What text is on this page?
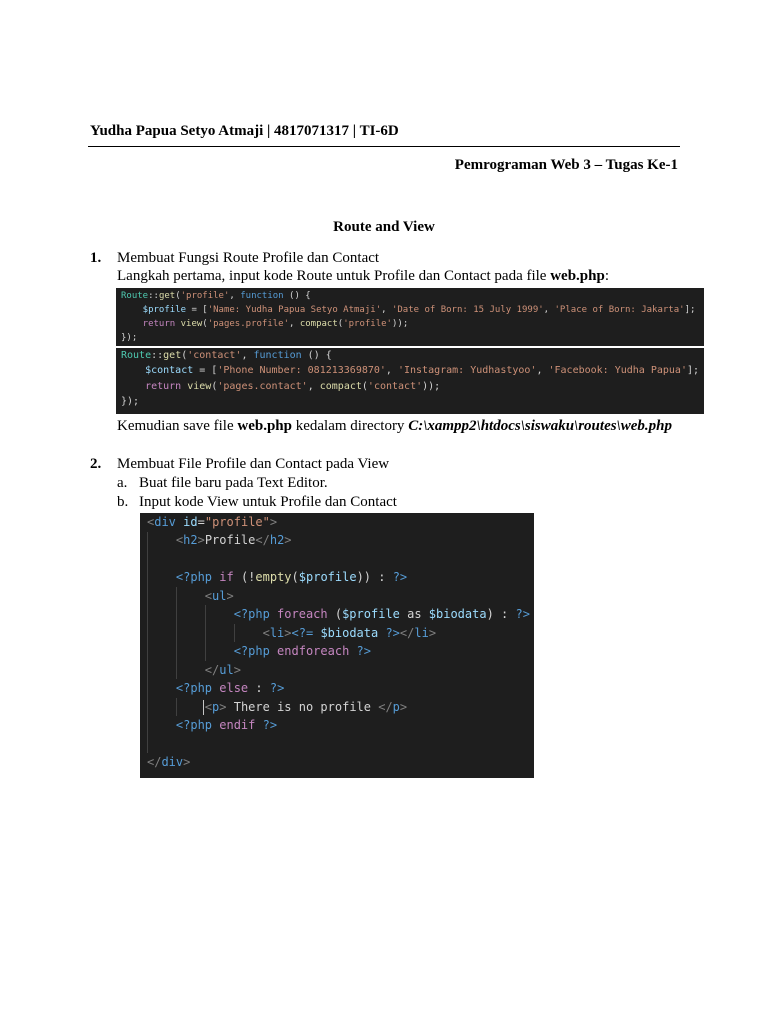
Yudha Papua Setyo Atmaji | 4817071317 | TI-6D
Pemrograman Web 3 – Tugas Ke-1
Route and View
1. Membuat Fungsi Route Profile dan Contact
Langkah pertama, input kode Route untuk Profile dan Contact pada file web.php:
Route::get('profile', function () {
$profile = ['Name: Yudha Papua Setyo Atmaji', 'Date of Born: 15 July 1999', 'Place of Born: Jakarta'];
return view('pages.profile', compact('profile'));
});
Route::get('contact', function () {
$contact = ['Phone Number: 081213369870', 'Instagram: Yudhastyoo', 'Facebook: Yudha Papua'];
return view('pages.contact', compact('contact'));
});
Kemudian save file web.php kedalam directory C:\xampp2\htdocs\siswaku\routes\web.php
2. Membuat File Profile dan Contact pada View
a. Buat file baru pada Text Editor.
b. Input kode View untuk Profile dan Contact
<div id="profile">
<h2>Profile</h2>
<?php if (!empty($profile)) : ?>
<ul>
<?php foreach ($profile as $biodata) : ?>
<li><?= $biodata ?></li>
<?php endforeach ?>
</ul>
<?php else : ?>
<p> There is no profile </p>
<?php endif ?>
</div>
